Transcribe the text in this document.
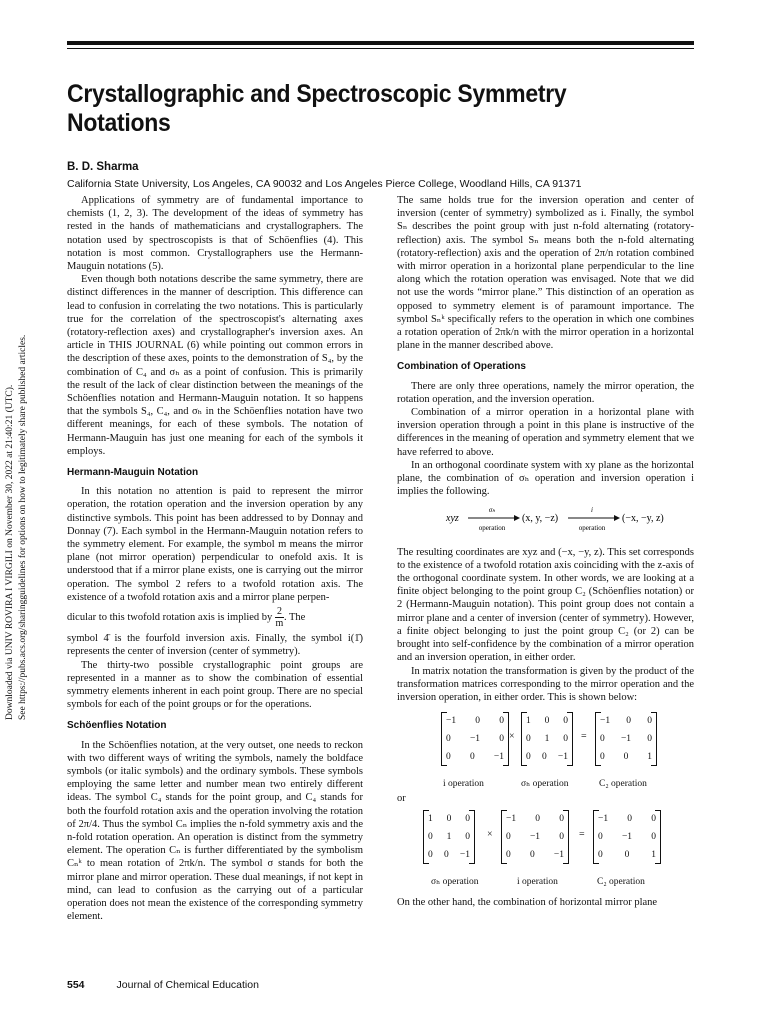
Downloaded via UNIV ROVIRA I VIRGILI on November 30, 2022 at 21:40:21 (UTC). See https://pubs.acs.org/sharingguidelines for options on how to legitimately share published articles.
Crystallographic and Spectroscopic Symmetry Notations
B. D. Sharma
California State University, Los Angeles, CA 90032 and Los Angeles Pierce College, Woodland Hills, CA 91371

Applications of symmetry are of fundamental importance to chemists (1, 2, 3). The development of the ideas of symmetry has rested in the hands of mathematicians and crystallographers. The notation used by spectroscopists is that of Schöenflies (4). This notation is most common. Crystallographers use the Hermann-Mauguin notations (5).

Even though both notations describe the same symmetry, there are distinct differences in the manner of description. This difference can lead to confusion in correlating the two notations. This is particularly true for the correlation of the spectroscopist's alternating axes (rotatory-reflection axes) and crystallographer's inversion axes. An article in THIS JOURNAL (6) while pointing out common errors in the description of these axes, points to the demonstration of S₄, by the combination of C₄ and σₕ as a point of confusion. This is primarily the result of the lack of clear distinction between the meanings of the Schöenflies notation and Hermann-Mauguin notation. It so happens that the symbols S₄, C₄, and σₕ in the Schöenflies notation have two different meanings, for each of these symbols. The notation of Hermann-Mauguin has just one meaning for each of the symbols it employs.

Hermann-Mauguin Notation

In this notation no attention is paid to represent the mirror operation, the rotation operation and the inversion operation by any distinctive symbols. This point has been addressed to by Donnay and Donnay (7). Each symbol in the Hermann-Mauguin notation refers to the symmetry element. For example, the symbol m means the mirror plane (not mirror operation) perpendicular to onefold axis. It is understood that if a mirror plane exists, one is carrying out the mirror operation. The symbol 2 refers to a twofold rotation axis. The existence of a twofold rotation axis and a mirror plane perpen-

dicular to this twofold rotation axis is implied by $\frac{2}{m}$ . The

symbol 4̄ is the fourfold inversion axis. Finally, the symbol i(1̄) represents the center of inversion (center of symmetry).

The thirty-two possible crystallographic point groups are represented in a manner as to show the combination of essential symmetry elements inherent in each point group. There are no special symbols for each of the point groups or for the operations.

Schöenflies Notation

In the Schöenflies notation, at the very outset, one needs to reckon with two different ways of writing the symbols, namely the boldface symbols (or italic symbols) and the ordinary symbols. These symbols employing the same letter and number mean two entirely different ideas. The symbol C₄ stands for the point group, and C₄ stands for both the fourfold rotation axis and the operation involving the rotation of 2π/4. Thus the symbol Cₙ implies the n-fold symmetry axis and the n-fold rotation operation. An operation is distinct from the symmetry element. The operation Cₙ is further differentiated by the symbolism Cₙᵏ to mean rotation of 2πk/n. The symbol σ stands for both the mirror plane and mirror operation. These dual meanings, if not kept in mind, can lead to confusion as the carrying out of a particular operation does not mean the existence of the corresponding symmetry element.

The same holds true for the inversion operation and center of inversion (center of symmetry) symbolized as i. Finally, the symbol Sₙ describes the point group with just n-fold alternating (rotatory-reflection) axis. The symbol Sₙ means both the n-fold alternating (rotatory-reflection) axis and the operation of 2π/n rotation combined with mirror operation in a horizontal plane perpendicular to the line along which the rotation operation was envisaged. Note that we did not use the words “mirror plane.” This distinction of an operation as opposed to symmetry element is of paramount importance. The symbol Sₙᵏ specifically refers to the operation in which one combines a rotation operation of 2πk/n with the mirror operation in a horizontal plane in the manner described above.

Combination of Operations

There are only three operations, namely the mirror operation, the rotation operation, and the inversion operation.

Combination of a mirror operation in a horizontal plane with inversion operation through a point in this plane is instructive of the differences in the meaning of operation and symmetry element that we have referred to above.

In an orthogonal coordinate system with xy plane as the horizontal plane, the combination of σₕ operation and inversion operation i implies the following.

xyz
σₕ
operation
(x, y, −z)
i
operation
(−x, −y, z)

The resulting coordinates are xyz and (−x, −y, z). This set corresponds to the existence of a twofold rotation axis coinciding with the z-axis of the orthogonal coordinate system. In other words, we are looking at a finite object belonging to the point group C₂ (Schöenflies notation) or 2 (Hermann-Mauguin notation). This point group does not contain a mirror plane and a center of inversion (center of symmetry). However, a finite object belonging to just the point group C₂ (or 2) can be brought into self-confidence by the combination of a mirror operation and an inversion operation, in either order.

In matrix notation the transformation is given by the product of the transformation matrices corresponding to the mirror operation and the inversion operation, in either order. This is shown below:

−1 0 0
0 −1 0
0 0 −1
×
1 0 0
0 1 0
0 0 −1
=
−1 0 0
0 −1 0
0 0 1
i operation	σₕ operation	C₂ operation
or
1 0 0
0 1 0
0 0 −1
×
−1 0 0
0 −1 0
0 0 −1
=
−1 0 0
0 −1 0
0 0 1
σₕ operation	i operation	C₂ operation

On the other hand, the combination of horizontal mirror plane

554	Journal of Chemical Education
